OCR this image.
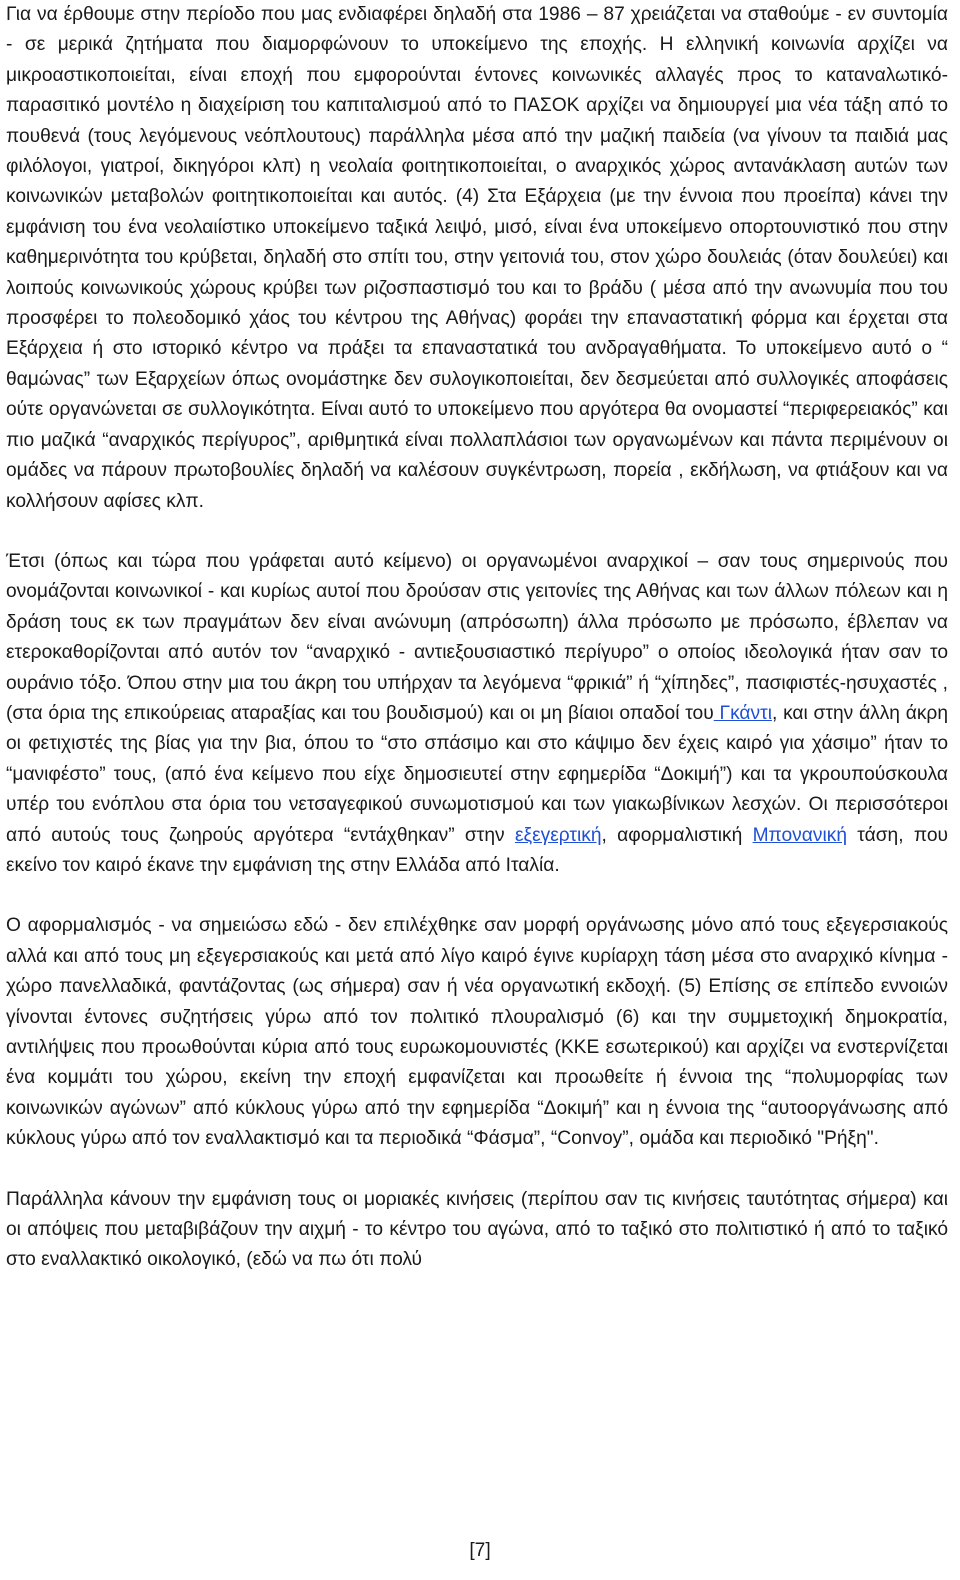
Για να έρθουμε στην περίοδο που μας ενδιαφέρει δηλαδή στα 1986 – 87 χρειάζεται να σταθούμε - εν συντομία - σε μερικά ζητήματα που διαμορφώνουν το υποκείμενο της εποχής. Η ελληνική κοινωνία αρχίζει να μικροαστικοποιείται, είναι εποχή που εμφορούνται έντονες κοινωνικές αλλαγές προς το καταναλωτικό-παρασιτικό μοντέλο η διαχείριση του καπιταλισμού από το ΠΑΣΟΚ αρχίζει να δημιουργεί μια νέα τάξη από το πουθενά (τους λεγόμενους νεόπλουτους) παράλληλα μέσα από την μαζική παιδεία (να γίνουν τα παιδιά μας φιλόλογοι, γιατροί, δικηγόροι κλπ) η νεολαία φοιτητικοποιείται, ο αναρχικός χώρος αντανάκλαση αυτών των κοινωνικών μεταβολών φοιτητικοποιείται και αυτός. (4) Στα Εξάρχεια (με την έννοια που προείπα) κάνει την εμφάνιση του ένα νεολαιίστικο υποκείμενο ταξικά λειψό, μισό, είναι ένα υποκείμενο οπορτουνιστικό που στην καθημερινότητα του κρύβεται, δηλαδή στο σπίτι του, στην γειτονιά του, στον χώρο δουλειάς (όταν δουλεύει) και λοιπούς κοινωνικούς χώρους κρύβει των ριζοσπαστισμό του και το βράδυ ( μέσα από την ανωνυμία που του προσφέρει το πολεοδομικό χάος του κέντρου της Αθήνας) φοράει την επαναστατική φόρμα και έρχεται στα Εξάρχεια ή στο ιστορικό κέντρο να πράξει τα επαναστατικά του ανδραγαθήματα. Το υποκείμενο αυτό ο “ θαμώνας” των Εξαρχείων όπως ονομάστηκε δεν συλογικοποιείται, δεν δεσμεύεται από συλλογικές αποφάσεις ούτε οργανώνεται σε συλλογικότητα. Είναι αυτό το υποκείμενο που αργότερα θα ονομαστεί “περιφερειακός” και πιο μαζικά “αναρχικός περίγυρος”, αριθμητικά είναι πολλαπλάσιοι των οργανωμένων και πάντα περιμένουν οι ομάδες να πάρουν πρωτοβουλίες δηλαδή να καλέσουν συγκέντρωση, πορεία , εκδήλωση, να φτιάξουν και να κολλήσουν αφίσες κλπ.

Έτσι (όπως και τώρα που γράφεται αυτό κείμενο) οι οργανωμένοι αναρχικοί – σαν τους σημερινούς που ονομάζονται κοινωνικοί - και κυρίως αυτοί που δρούσαν στις γειτονίες της Αθήνας και των άλλων πόλεων και η δράση τους εκ των πραγμάτων δεν είναι ανώνυμη (απρόσωπη) άλλα πρόσωπο με πρόσωπο, έβλεπαν να ετεροκαθορίζονται από αυτόν τον “αναρχικό - αντιεξουσιαστικό περίγυρο” ο οποίος ιδεολογικά ήταν σαν το ουράνιο τόξο. Όπου στην μια του άκρη του υπήρχαν τα λεγόμενα “φρικιά” ή “χίπηδες”, πασιφιστές-ησυχαστές , (στα όρια της επικούρειας αταραξίας και του βουδισμού) και οι μη βίαιοι οπαδοί του Γκάντι, και στην άλλη άκρη οι φετιχιστές της βίας για την βια, όπου το “στο σπάσιμο και στο κάψιμο δεν έχεις καιρό για χάσιμο” ήταν το “μανιφέστο” τους, (από ένα κείμενο που είχε δημοσιευτεί στην εφημερίδα “Δοκιμή”) και τα γκρουπούσκουλα υπέρ του ενόπλου στα όρια του νετσαγεφικού συνωμοτισμού και των γιακωβίνικων λεσχών. Οι περισσότεροι από αυτούς τους ζωηρούς αργότερα “εντάχθηκαν” στην εξεγερτική, αφορμαλιστική Μπονανική τάση, που εκείνο τον καιρό έκανε την εμφάνιση της στην Ελλάδα από Ιταλία.

Ο αφορμαλισμός - να σημειώσω εδώ - δεν επιλέχθηκε σαν μορφή οργάνωσης μόνο από τους εξεγερσιακούς αλλά και από τους μη εξεγερσιακούς και μετά από λίγο καιρό έγινε κυρίαρχη τάση μέσα στο αναρχικό κίνημα - χώρο πανελλαδικά, φαντάζοντας (ως σήμερα) σαν ή νέα οργανωτική εκδοχή. (5) Επίσης σε επίπεδο εννοιών γίνονται έντονες συζητήσεις γύρω από τον πολιτικό πλουραλισμό (6) και την συμμετοχική δημοκρατία, αντιλήψεις που προωθούνται κύρια από τους ευρωκομουνιστές (ΚΚΕ εσωτερικού) και αρχίζει να ενστερνίζεται ένα κομμάτι του χώρου, εκείνη την εποχή εμφανίζεται και προωθείτε ή έννοια της “πολυμορφίας των κοινωνικών αγώνων” από κύκλους γύρω από την εφημερίδα “Δοκιμή” και η έννοια της “αυτοοργάνωσης από κύκλους γύρω από τον εναλλακτισμό και τα περιοδικά “Φάσμα”, “Convoy”, ομάδα και περιοδικό "Ρήξη".

Παράλληλα κάνουν την εμφάνιση τους οι μοριακές κινήσεις (περίπου σαν τις κινήσεις ταυτότητας σήμερα) και οι απόψεις που μεταβιβάζουν την αιχμή - το κέντρο του αγώνα, από το ταξικό στο πολιτιστικό ή από το ταξικό στο εναλλακτικό οικολογικό, (εδώ να πω ότι πολύ

[7]
